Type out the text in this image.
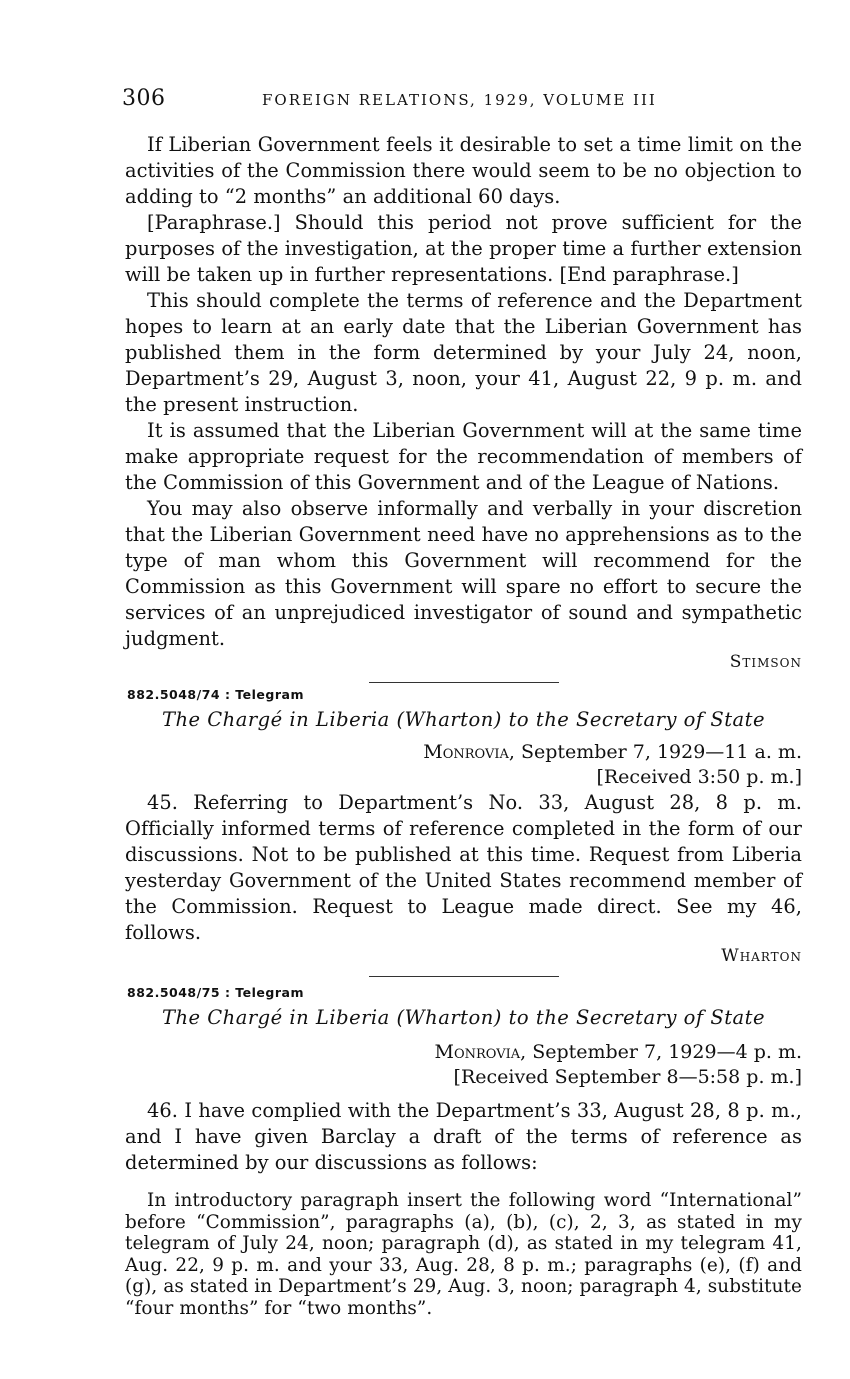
306	FOREIGN RELATIONS, 1929, VOLUME III

If Liberian Government feels it desirable to set a time limit on the activities of the Commission there would seem to be no objection to adding to “2 months” an additional 60 days.

[Paraphrase.] Should this period not prove sufficient for the purposes of the investigation, at the proper time a further extension will be taken up in further representations. [End paraphrase.]

This should complete the terms of reference and the Department hopes to learn at an early date that the Liberian Government has published them in the form determined by your July 24, noon, Department’s 29, August 3, noon, your 41, August 22, 9 p. m. and the present instruction.

It is assumed that the Liberian Government will at the same time make appropriate request for the recommendation of members of the Commission of this Government and of the League of Nations.

You may also observe informally and verbally in your discretion that the Liberian Government need have no apprehensions as to the type of man whom this Government will recommend for the Commission as this Government will spare no effort to secure the services of an unprejudiced investigator of sound and sympathetic judgment.

Stimson

882.5048/74 : Telegram
The Chargé in Liberia (Wharton) to the Secretary of State

Monrovia, September 7, 1929—11 a. m.

[Received 3:50 p. m.]

45. Referring to Department’s No. 33, August 28, 8 p. m. Officially informed terms of reference completed in the form of our discussions. Not to be published at this time. Request from Liberia yesterday Government of the United States recommend member of the Commission. Request to League made direct. See my 46, follows.

Wharton

882.5048/75 : Telegram
The Chargé in Liberia (Wharton) to the Secretary of State

Monrovia, September 7, 1929—4 p. m.

[Received September 8—5:58 p. m.]

46. I have complied with the Department’s 33, August 28, 8 p. m., and I have given Barclay a draft of the terms of reference as determined by our discussions as follows:

In introductory paragraph insert the following word “International” before “Commission”, paragraphs (a), (b), (c), 2, 3, as stated in my telegram of July 24, noon; paragraph (d), as stated in my telegram 41, Aug. 22, 9 p. m. and your 33, Aug. 28, 8 p. m.; paragraphs (e), (f) and (g), as stated in Department’s 29, Aug. 3, noon; paragraph 4, substitute “four months” for “two months”.
